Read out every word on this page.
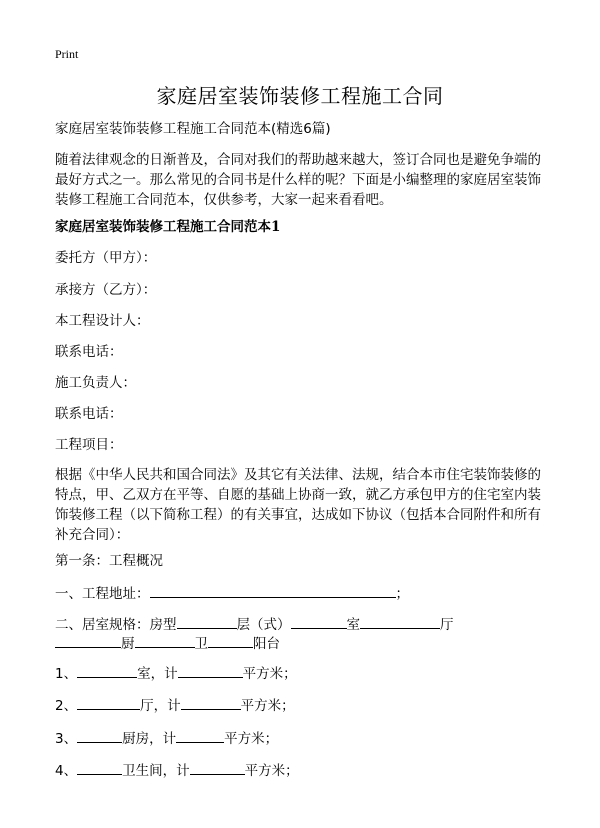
Print
家庭居室装饰装修工程施工合同
家庭居室装饰装修工程施工合同范本(精选6篇)
随着法律观念的日渐普及，合同对我们的帮助越来越大，签订合同也是避免争端的
最好方式之一。那么常见的合同书是什么样的呢？下面是小编整理的家庭居室装饰
装修工程施工合同范本，仅供参考，大家一起来看看吧。
家庭居室装饰装修工程施工合同范本1
委托方（甲方）：
承接方（乙方）：
本工程设计人：
联系电话：
施工负责人：
联系电话：
工程项目：
根据《中华人民共和国合同法》及其它有关法律、法规，结合本市住宅装饰装修的
特点，甲、乙双方在平等、自愿的基础上协商一致，就乙方承包甲方的住宅室内装
饰装修工程（以下简称工程）的有关事宜，达成如下协议（包括本合同附件和所有
补充合同）：
第一条：工程概况
一、工程地址：	；
二、居室规格：房型	层（式）	室	厅
厨	卫	阳台
1、	室，计	平方米；
2、	厅，计	平方米；
3、	厨房，计	平方米；
4、	卫生间，计	平方米；
